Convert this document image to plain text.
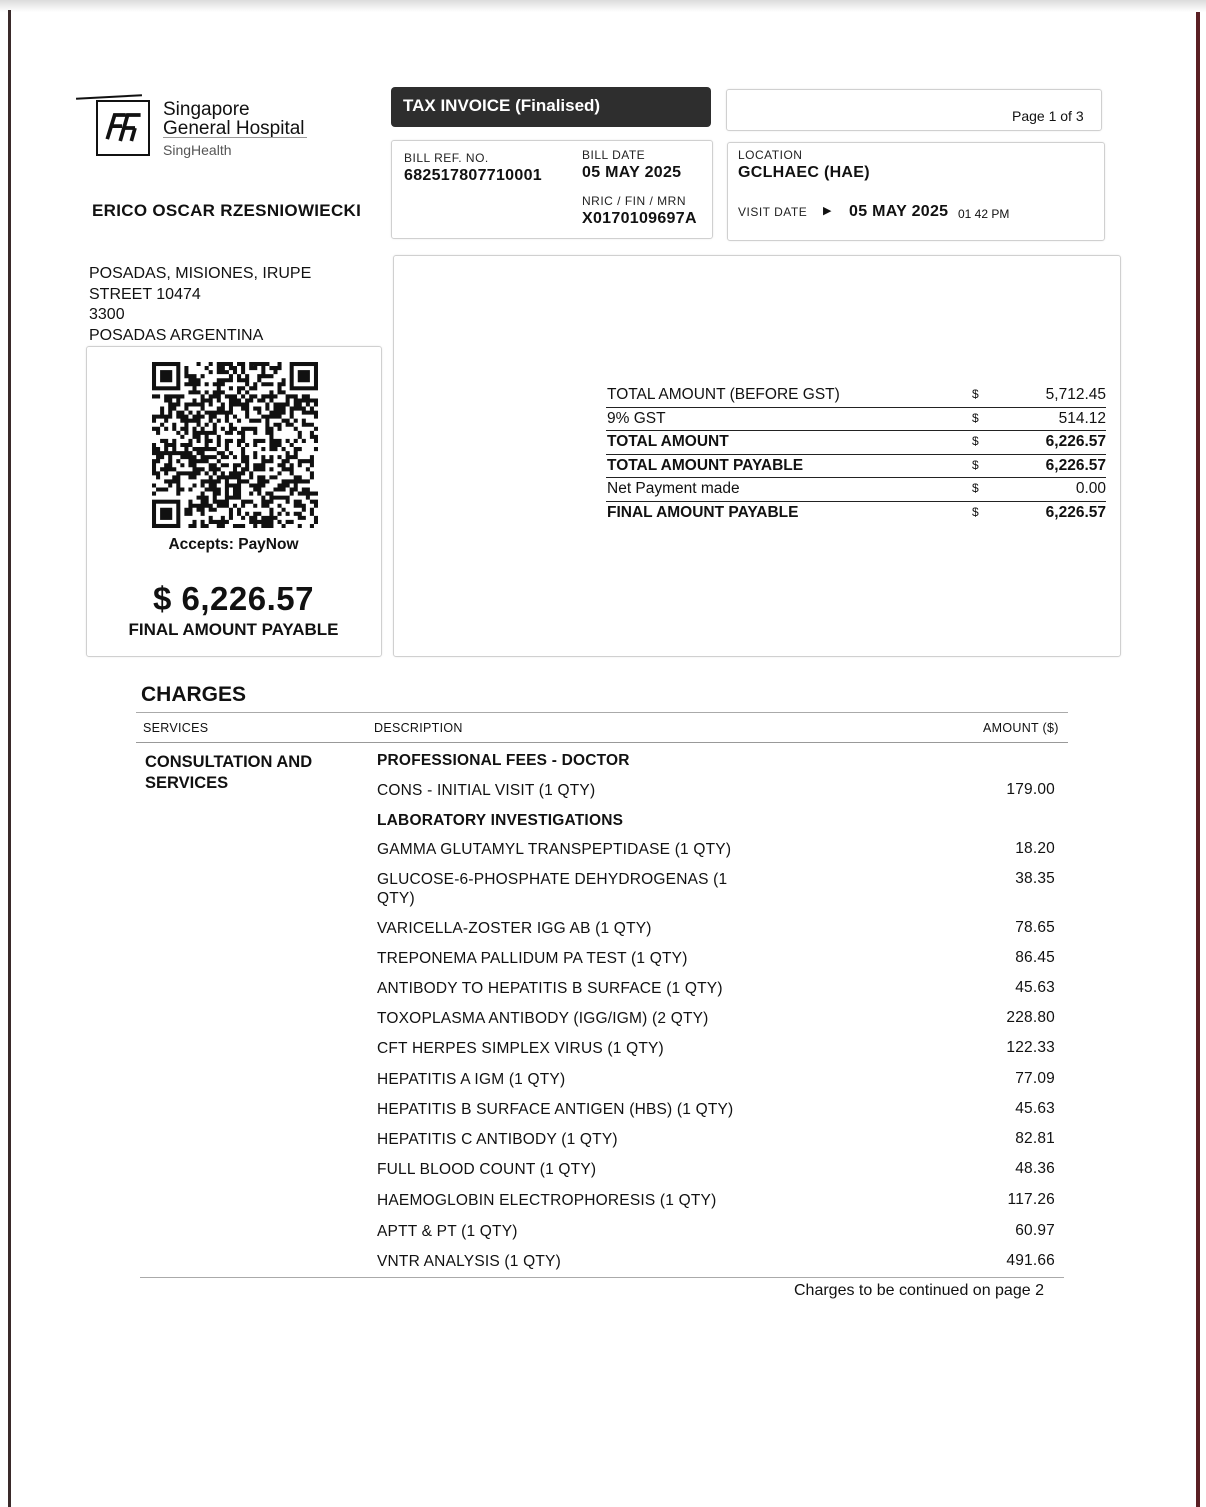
Singapore
General Hospital
SingHealth
ERICO OSCAR RZESNIOWIECKI
POSADAS, MISIONES, IRUPE
STREET 10474
3300
POSADAS ARGENTINA
TAX INVOICE (Finalised)
BILL REF. NO.
682517807710001
BILL DATE
05 MAY 2025
NRIC / FIN / MRN
X0170109697A
Page 1 of 3
LOCATION
GCLHAEC (HAE)
VISIT DATE ▶ 05 MAY 2025 01 42 PM
TOTAL AMOUNT (BEFORE GST)	$	5,712.45
9% GST	$	514.12
TOTAL AMOUNT	$	6,226.57
TOTAL AMOUNT PAYABLE	$	6,226.57
Net Payment made	$	0.00
FINAL AMOUNT PAYABLE	$	6,226.57
Accepts: PayNow
$ 6,226.57
FINAL AMOUNT PAYABLE
CHARGES
SERVICES	DESCRIPTION	AMOUNT ($)
CONSULTATION AND
SERVICES
PROFESSIONAL FEES - DOCTOR
CONS - INITIAL VISIT (1 QTY)	179.00
LABORATORY INVESTIGATIONS
GAMMA GLUTAMYL TRANSPEPTIDASE (1 QTY)	18.20
GLUCOSE-6-PHOSPHATE DEHYDROGENAS (1 QTY)
38.35
VARICELLA-ZOSTER IGG AB (1 QTY)	78.65
TREPONEMA PALLIDUM PA TEST (1 QTY)	86.45
ANTIBODY TO HEPATITIS B SURFACE (1 QTY)	45.63
TOXOPLASMA ANTIBODY (IGG/IGM) (2 QTY)	228.80
CFT HERPES SIMPLEX VIRUS (1 QTY)	122.33
HEPATITIS A IGM (1 QTY)	77.09
HEPATITIS B SURFACE ANTIGEN (HBS) (1 QTY)	45.63
HEPATITIS C ANTIBODY (1 QTY)	82.81
FULL BLOOD COUNT (1 QTY)	48.36
HAEMOGLOBIN ELECTROPHORESIS (1 QTY)	117.26
APTT & PT (1 QTY)	60.97
VNTR ANALYSIS (1 QTY)	491.66
Charges to be continued on page 2
